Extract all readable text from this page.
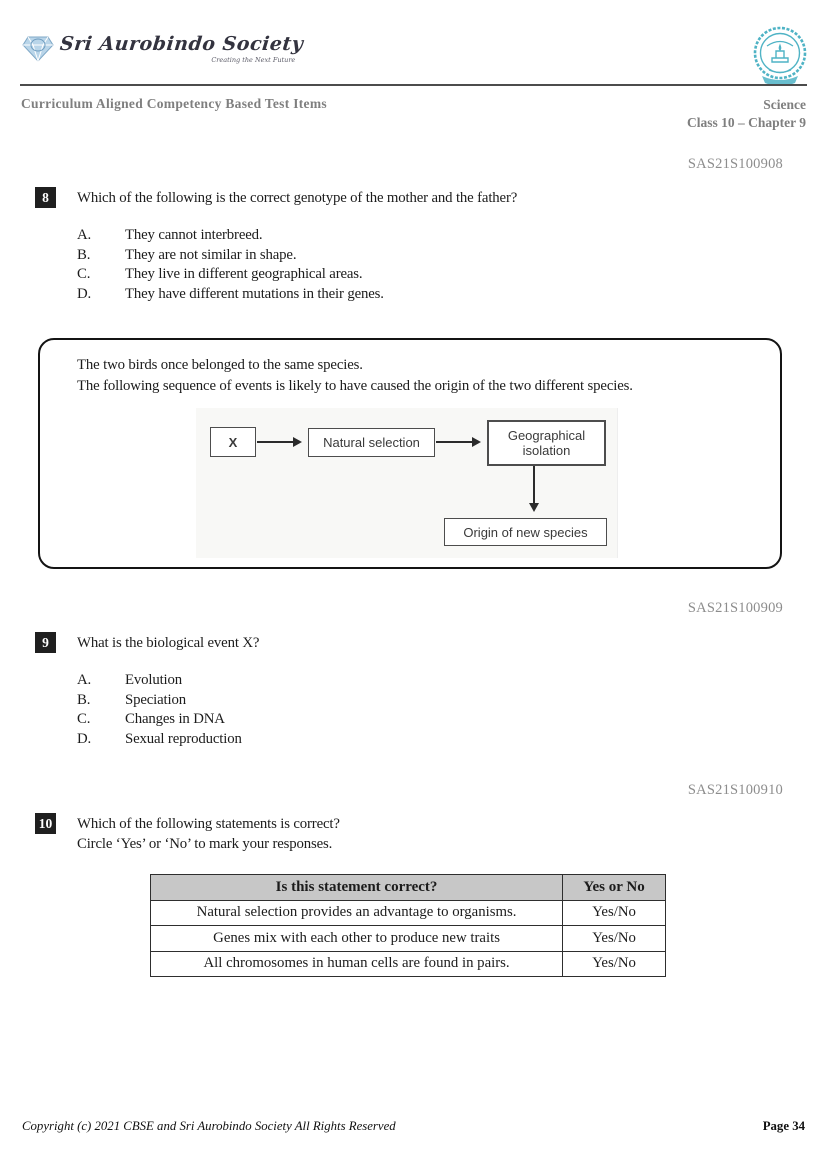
Sri Aurobindo Society
Creating the Next Future
Curriculum Aligned Competency Based Test Items	Science
Class 10 – Chapter 9
SAS21S100908
8	Which of the following is the correct genotype of the mother and the father?
A. They cannot interbreed.
B. They are not similar in shape.
C. They live in different geographical areas.
D. They have different mutations in their genes.
The two birds once belonged to the same species.
The following sequence of events is likely to have caused the origin of the two different species.
X	Natural selection	Geographical isolation
Origin of new species
SAS21S100909
9	What is the biological event X?
A. Evolution
B. Speciation
C. Changes in DNA
D. Sexual reproduction
SAS21S100910
10 Which of the following statements is correct?
Circle ‘Yes’ or ‘No’ to mark your responses.
Is this statement correct?	Yes or No
Natural selection provides an advantage to organisms.	Yes/No
Genes mix with each other to produce new traits	Yes/No
All chromosomes in human cells are found in pairs.	Yes/No
Copyright (c) 2021 CBSE and Sri Aurobindo Society All Rights Reserved	Page 34
